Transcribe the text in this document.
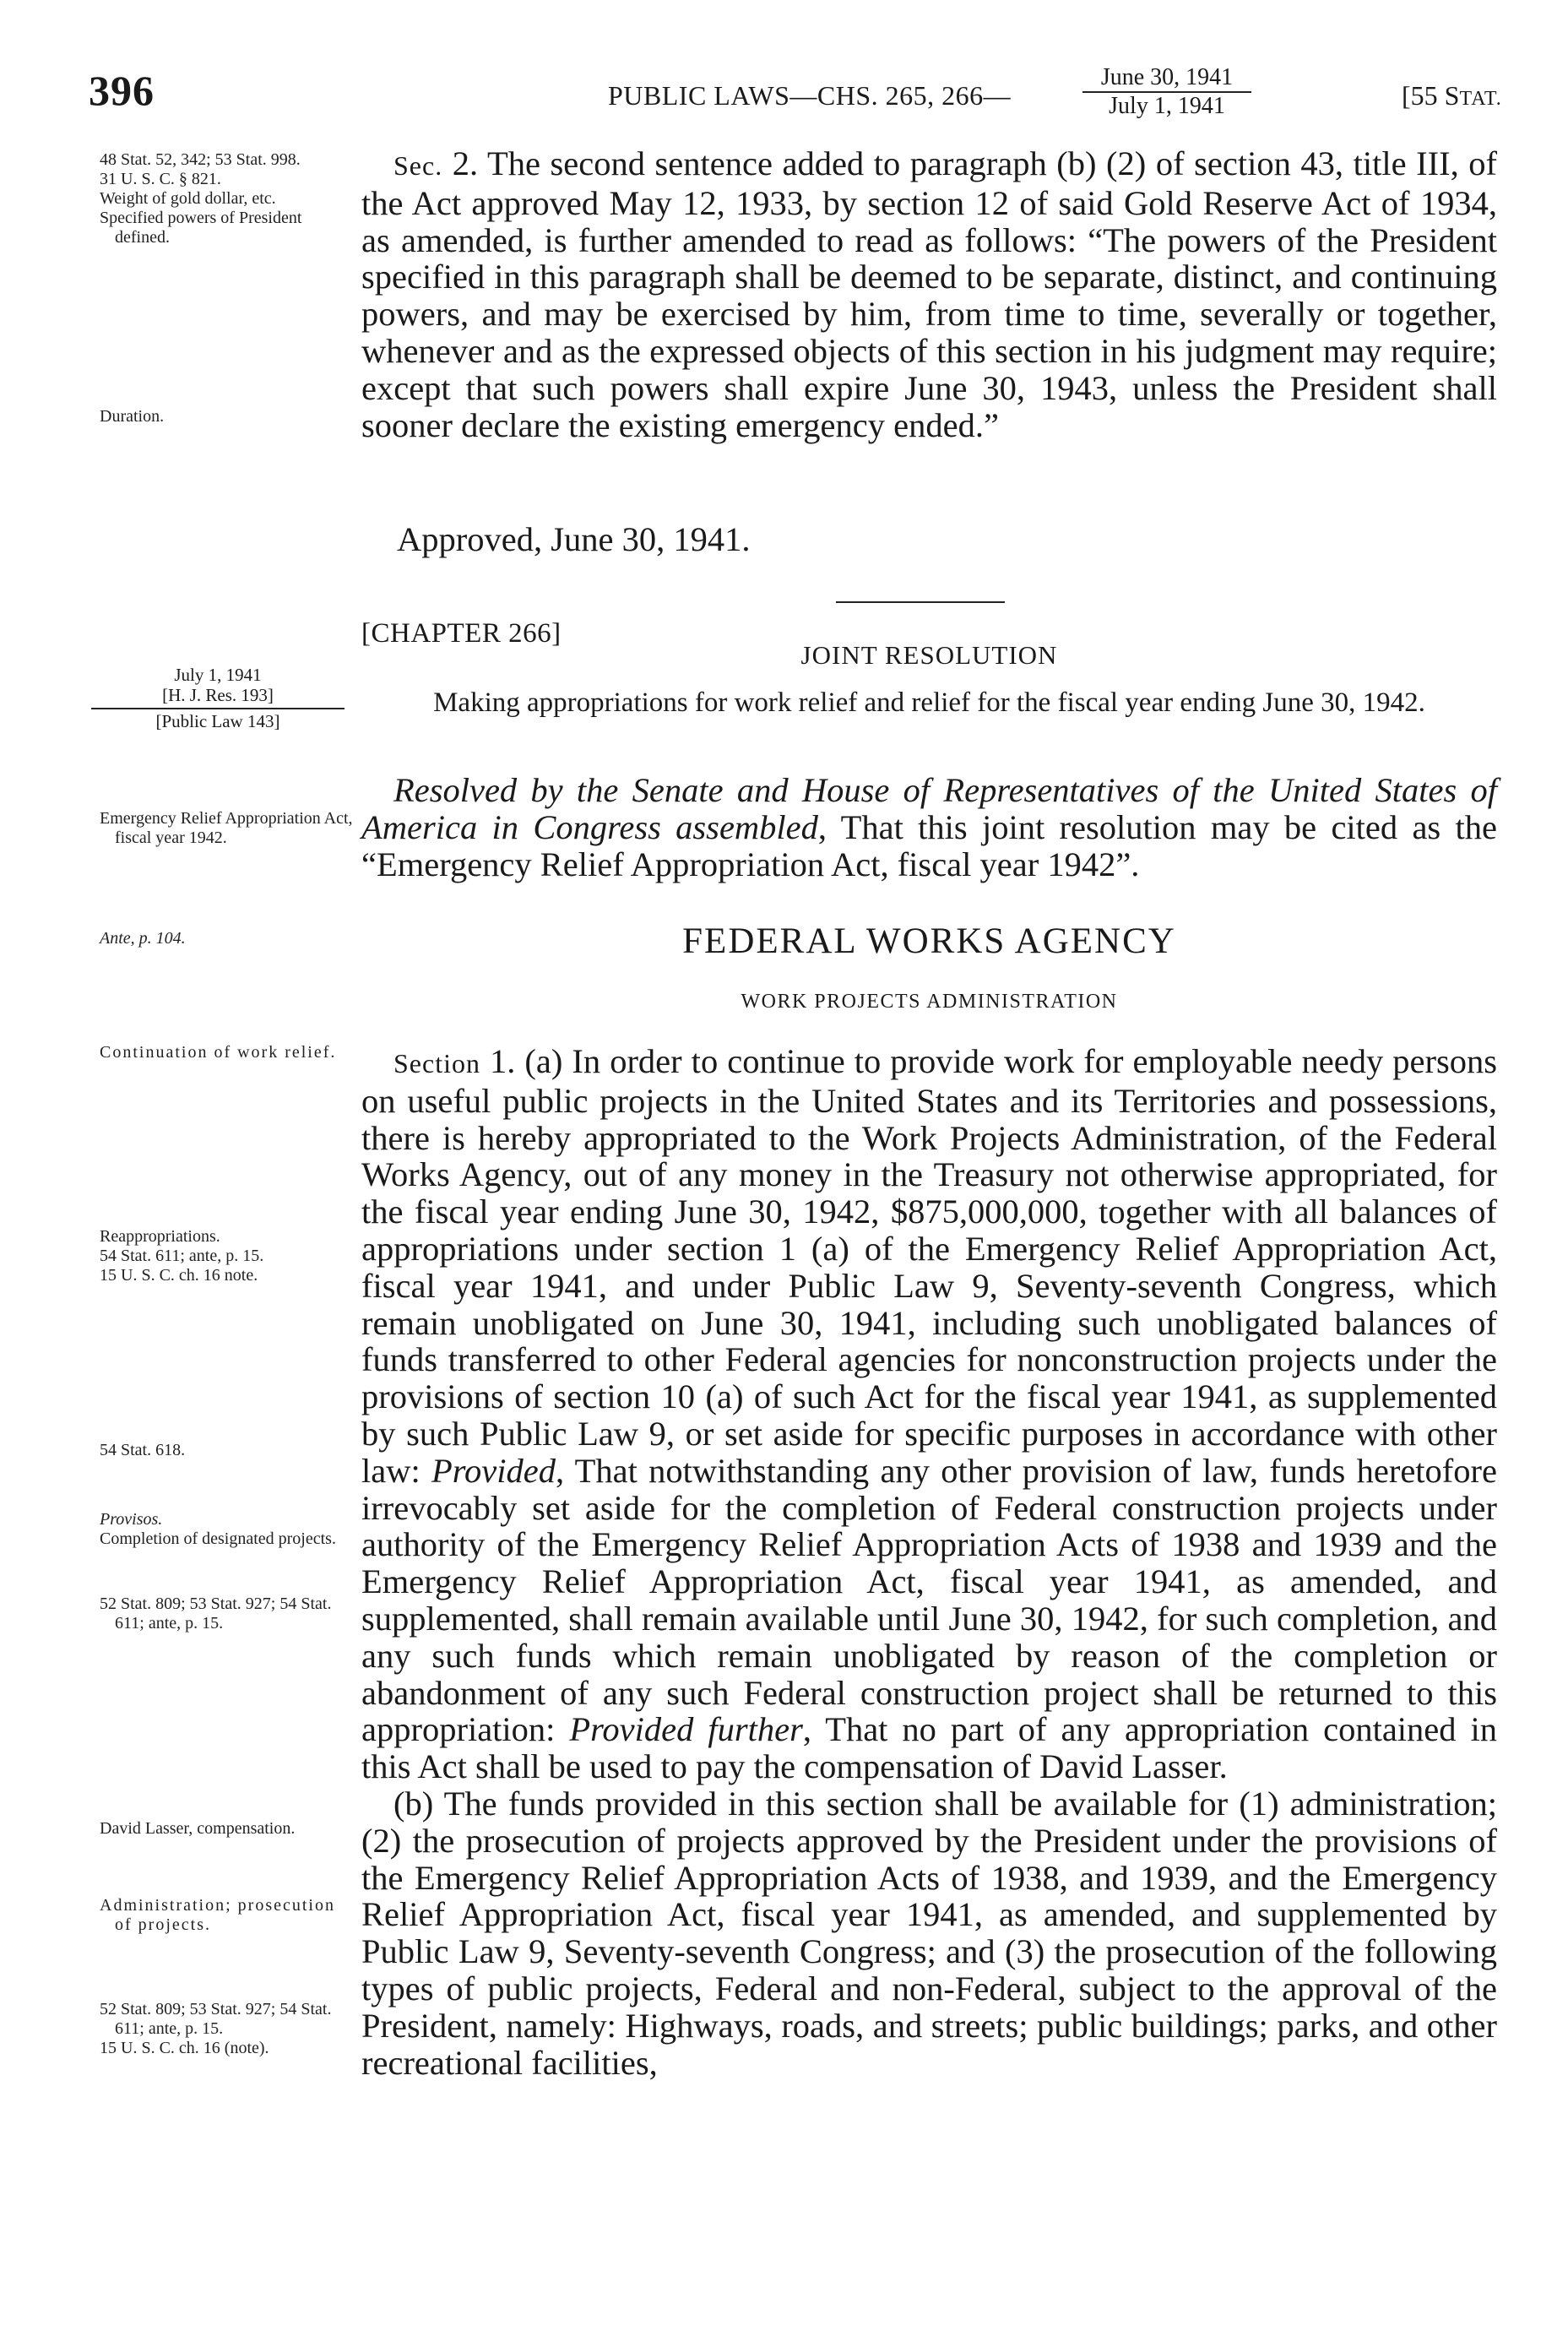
396	PUBLIC LAWS—CHS. 265, 266—
June 30, 1941
July 1, 1941	[55 STAT.
48 Stat. 52, 342; 53 Stat. 998.
31 U. S. C. § 821.
Weight of gold dollar, etc.
Specified powers of President defined.
Duration.
July 1, 1941
[H. J. Res. 193]
[Public Law 143]
Emergency Relief Appropriation Act, fiscal year 1942.
Ante, p. 104.
Continuation of work relief.
Reappropriations.
54 Stat. 611; ante, p. 15.
15 U. S. C. ch. 16 note.
54 Stat. 618.
Provisos.
Completion of designated projects.
52 Stat. 809; 53 Stat. 927; 54 Stat. 611; ante, p. 15.
David Lasser, compensation.
Administration; prosecution of projects.
52 Stat. 809; 53 Stat. 927; 54 Stat. 611; ante, p. 15.
15 U. S. C. ch. 16 (note).

Sec. 2. The second sentence added to paragraph (b) (2) of section 43, title III, of the Act approved May 12, 1933, by section 12 of said Gold Reserve Act of 1934, as amended, is further amended to read as follows: “The powers of the President specified in this paragraph shall be deemed to be separate, distinct, and continuing powers, and may be exercised by him, from time to time, severally or together, whenever and as the expressed objects of this section in his judgment may require; except that such powers shall expire June 30, 1943, unless the President shall sooner declare the existing emergency ended.”

Approved, June 30, 1941.
[CHAPTER 266]
JOINT RESOLUTION
Making appropriations for work relief and relief for the fiscal year ending June 30, 1942.

Resolved by the Senate and House of Representatives of the United States of America in Congress assembled, That this joint resolution may be cited as the “Emergency Relief Appropriation Act, fiscal year 1942”.

FEDERAL WORKS AGENCY
WORK PROJECTS ADMINISTRATION

Section 1. (a) In order to continue to provide work for employable needy persons on useful public projects in the United States and its Territories and possessions, there is hereby appropriated to the Work Projects Administration, of the Federal Works Agency, out of any money in the Treasury not otherwise appropriated, for the fiscal year ending June 30, 1942, $875,000,000, together with all balances of appropriations under section 1 (a) of the Emergency Relief Appropriation Act, fiscal year 1941, and under Public Law 9, Seventy-seventh Congress, which remain unobligated on June 30, 1941, including such unobligated balances of funds transferred to other Federal agencies for nonconstruction projects under the provisions of section 10 (a) of such Act for the fiscal year 1941, as supplemented by such Public Law 9, or set aside for specific purposes in accordance with other law: Provided, That notwithstanding any other provision of law, funds heretofore irrevocably set aside for the completion of Federal construction projects under authority of the Emergency Relief Appropriation Acts of 1938 and 1939 and the Emergency Relief Appropriation Act, fiscal year 1941, as amended, and supplemented, shall remain available until June 30, 1942, for such completion, and any such funds which remain unobligated by reason of the completion or abandonment of any such Federal construction project shall be returned to this appropriation: Provided further, That no part of any appropriation contained in this Act shall be used to pay the compensation of David Lasser.

(b) The funds provided in this section shall be available for (1) administration; (2) the prosecution of projects approved by the President under the provisions of the Emergency Relief Appropriation Acts of 1938, and 1939, and the Emergency Relief Appropriation Act, fiscal year 1941, as amended, and supplemented by Public Law 9, Seventy-seventh Congress; and (3) the prosecution of the following types of public projects, Federal and non-Federal, subject to the approval of the President, namely: Highways, roads, and streets; public buildings; parks, and other recreational facilities,
